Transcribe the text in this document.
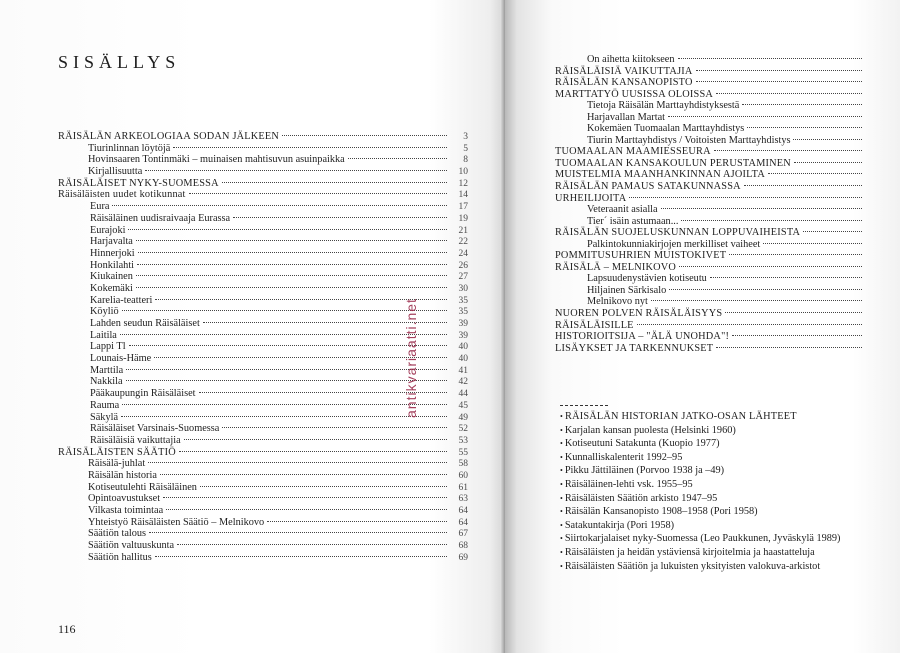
SISÄLLYS
RÄISÄLÄN ARKEOLOGIAA SODAN JÄLKEEN	3
Tiurinlinnan löytöjä	5
Hovinsaaren Tontinmäki – muinaisen mahtisuvun asuinpaikka	8
Kirjallisuutta	10
RÄISÄLÄISET NYKY-SUOMESSA	12
Räisäläisten uudet kotikunnat	14
Eura	17
Räisäläinen uudisraivaaja Eurassa	19
Eurajoki	21
Harjavalta	22
Hinnerjoki	24
Honkilahti	26
Kiukainen	27
Kokemäki	30
Karelia-teatteri	35
Köyliö	35
Lahden seudun Räisäläiset	39
Laitila	39
Lappi Tl	40
Lounais-Häme	40
Marttila	41
Nakkila	42
Pääkaupungin Räisäläiset	44
Rauma	45
Säkylä	49
Räisäläiset Varsinais-Suomessa	52
Räisäläisiä vaikuttajia	53
RÄISÄLÄISTEN SÄÄTIÖ	55
Räisälä-juhlat	58
Räisälän historia	60
Kotiseutulehti Räisäläinen	61
Opintoavustukset	63
Vilkasta toimintaa	64
Yhteistyö Räisäläisten Säätiö – Melnikovo	64
Säätiön talous	67
Säätiön valtuuskunta	68
Säätiön hallitus	69
116
antikvariaatti.net
On aihetta kiitokseen
RÄISÄLÄISIÄ VAIKUTTAJIA
RÄISÄLÄN KANSANOPISTO
MARTTATYÖ UUSISSA OLOISSA
Tietoja Räisälän Marttayhdistyksestä
Harjavallan Martat
Kokemäen Tuomaalan Marttayhdistys
Tiurin Marttayhdistys / Voitoisten Marttayhdistys
TUOMAALAN MAAMIESSEURA
TUOMAALAN KANSAKOULUN PERUSTAMINEN
MUISTELMIA MAANHANKINNAN AJOILTA
RÄISÄLÄN PAMAUS SATAKUNNASSA
URHEILIJOITA
Veteraanit asialla
Tier´ isäin astumaan...
RÄISÄLÄN SUOJELUSKUNNAN LOPPUVAIHEISTA
Palkintokunniakirjojen merkilliset vaiheet
POMMITUSUHRIEN MUISTOKIVET
RÄISÄLÄ – MELNIKOVO
Lapsuudenystävien kotiseutu
Hiljainen Särkisalo
Melnikovo nyt
NUOREN POLVEN RÄISÄLÄISYYS
RÄISÄLÄISILLE
HISTORIOITSIJA – "ÄLÄ UNOHDA"!
LISÄYKSET JA TARKENNUKSET
• RÄISÄLÄN HISTORIAN JATKO-OSAN LÄHTEET
• Karjalan kansan puolesta (Helsinki 1960)
• Kotiseutuni Satakunta (Kuopio 1977)
• Kunnalliskalenterit 1992–95
• Pikku Jättiläinen (Porvoo 1938 ja –49)
• Räisäläinen-lehti vsk. 1955–95
• Räisäläisten Säätiön arkisto 1947–95
• Räisälän Kansanopisto 1908–1958 (Pori 1958)
• Satakuntakirja (Pori 1958)
• Siirtokarjalaiset nyky-Suomessa (Leo Paukkunen, Jyväskylä 1989)
• Räisäläisten ja heidän ystäviensä kirjoitelmia ja haastatteluja
• Räisäläisten Säätiön ja lukuisten yksityisten valokuva-arkistot
